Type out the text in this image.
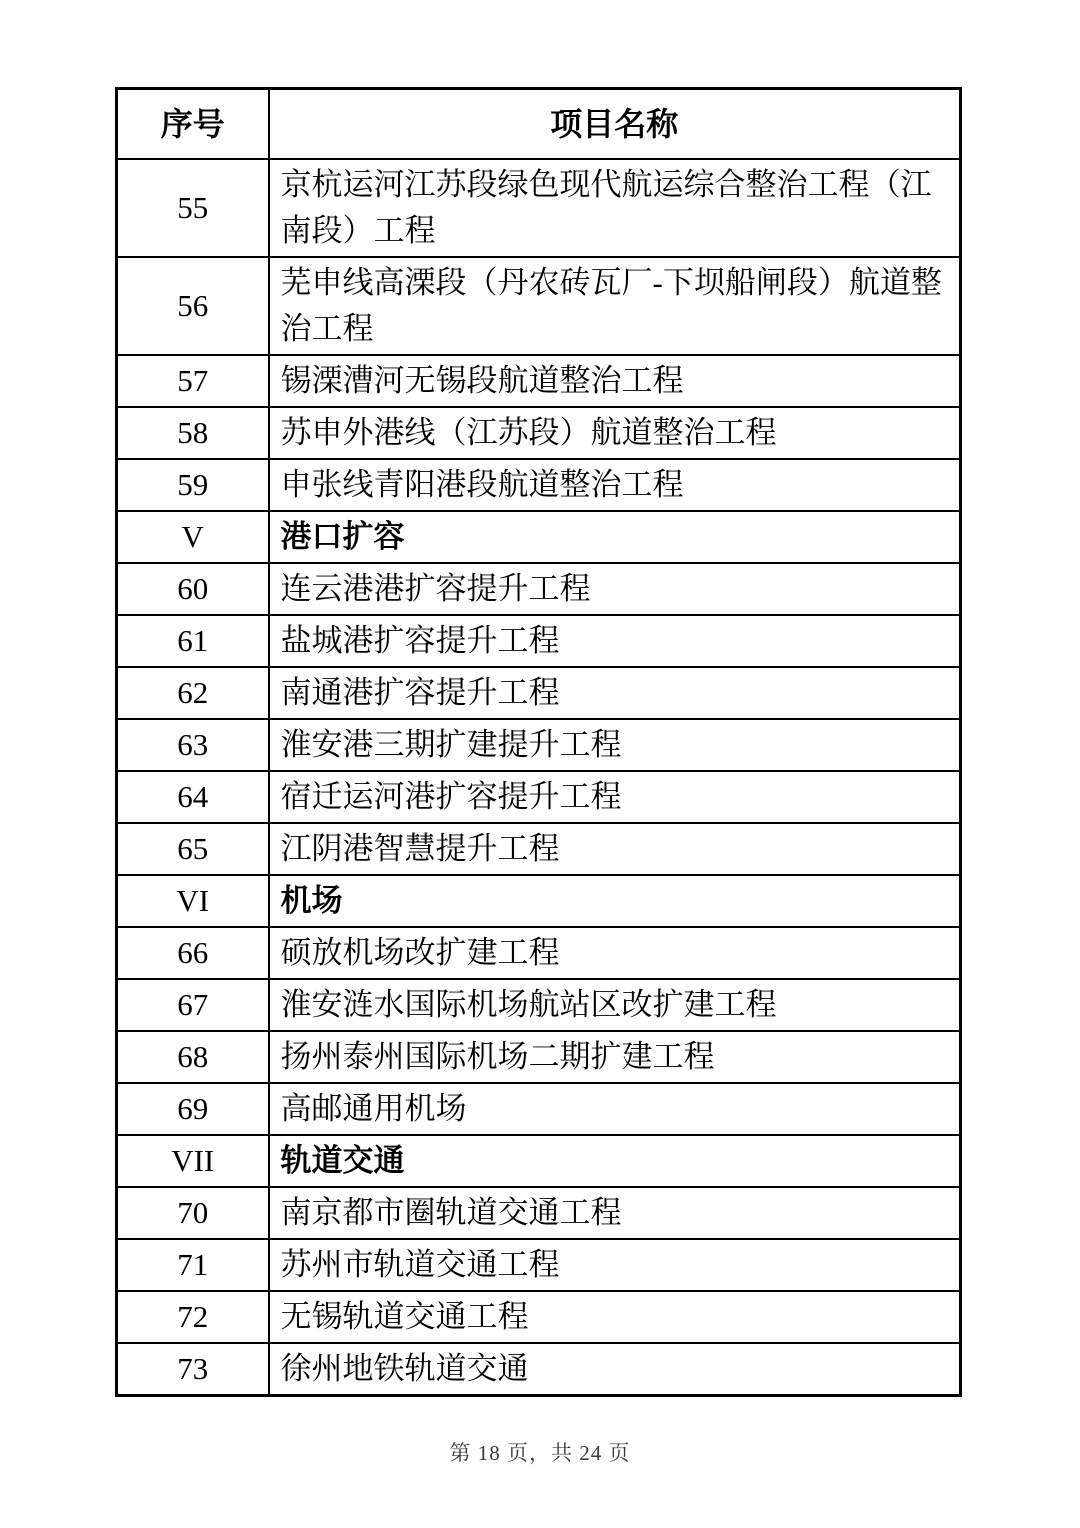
序号	项目名称
55	京杭运河江苏段绿色现代航运综合整治工程（江南段）工程
56	芜申线高溧段（丹农砖瓦厂-下坝船闸段）航道整治工程
57	锡溧漕河无锡段航道整治工程
58	苏申外港线（江苏段）航道整治工程
59	申张线青阳港段航道整治工程
V	港口扩容
60	连云港港扩容提升工程
61	盐城港扩容提升工程
62	南通港扩容提升工程
63	淮安港三期扩建提升工程
64	宿迁运河港扩容提升工程
65	江阴港智慧提升工程
VI	机场
66	硕放机场改扩建工程
67	淮安涟水国际机场航站区改扩建工程
68	扬州泰州国际机场二期扩建工程
69	高邮通用机场
VII	轨道交通
70	南京都市圈轨道交通工程
71	苏州市轨道交通工程
72	无锡轨道交通工程
73	徐州地铁轨道交通
第 18 页，共 24 页
